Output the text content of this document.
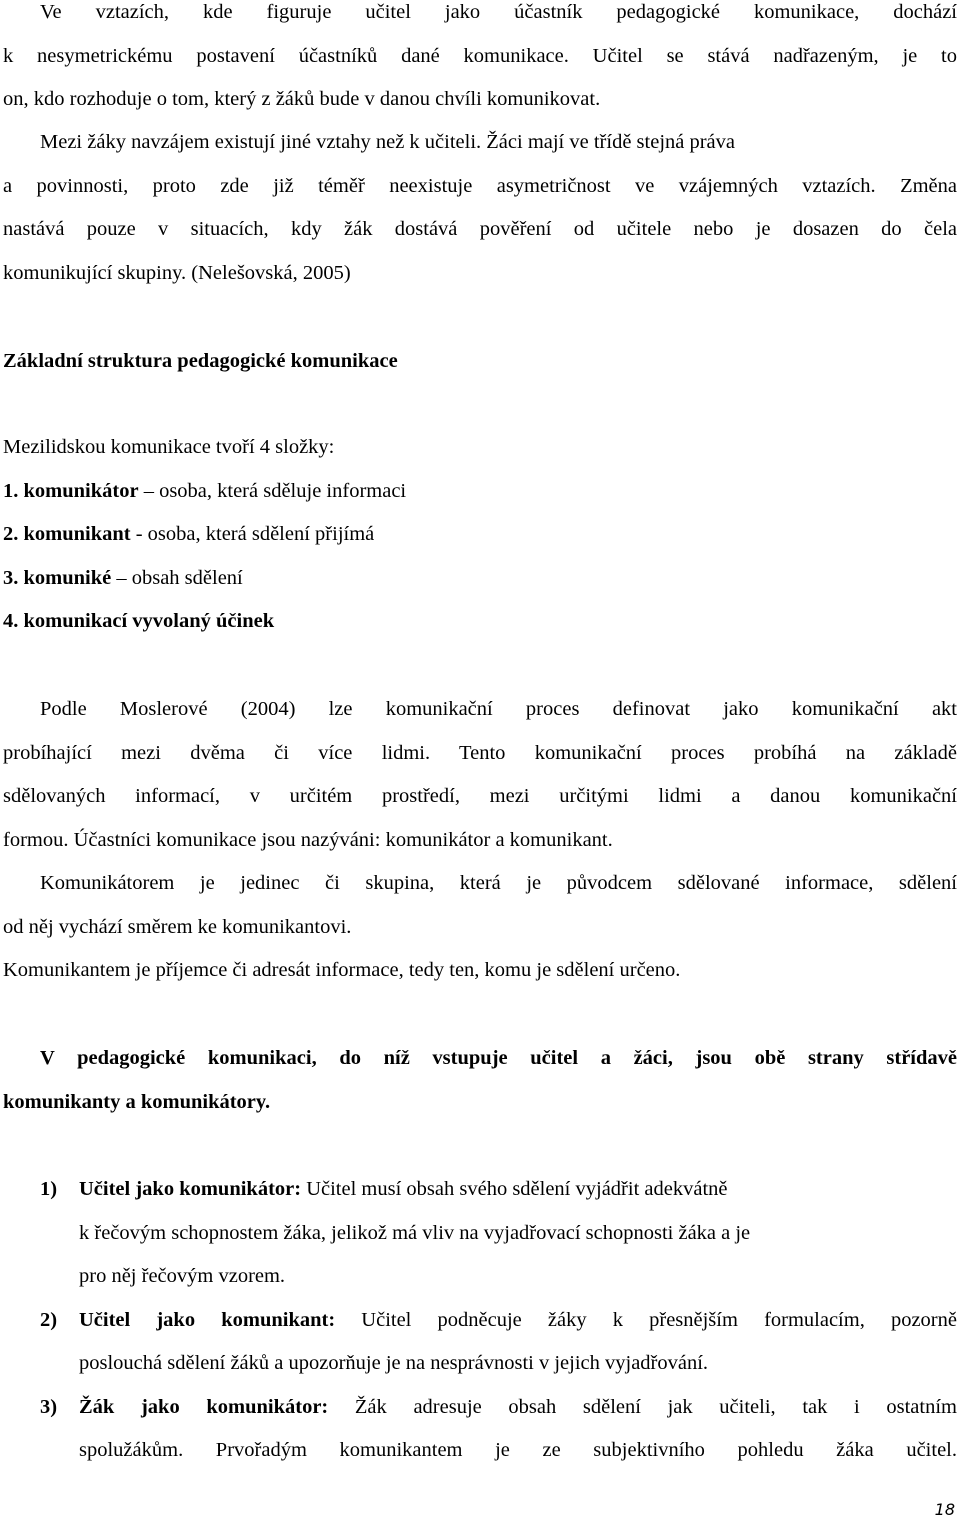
Ve vztazích, kde figuruje učitel jako účastník pedagogické komunikace, dochází
k nesymetrickému postavení účastníků dané komunikace. Učitel se stává nadřazeným, je to
on, kdo rozhoduje o tom, který z žáků bude v danou chvíli komunikovat.
Mezi žáky navzájem existují jiné vztahy než k učiteli. Žáci mají ve třídě stejná práva
a povinnosti, proto zde již téměř neexistuje asymetričnost ve vzájemných vztazích. Změna
nastává pouze v situacích, kdy žák dostává pověření od učitele nebo je dosazen do čela
komunikující skupiny. (Nelešovská, 2005)
Základní struktura pedagogické komunikace
Mezilidskou komunikace tvoří 4 složky:
1. komunikátor – osoba, která sděluje informaci
2. komunikant - osoba, která sdělení přijímá
3. komuniké – obsah sdělení
4. komunikací vyvolaný účinek
Podle Moslerové (2004) lze komunikační proces definovat jako komunikační akt
probíhající mezi dvěma či více lidmi. Tento komunikační proces probíhá na základě
sdělovaných informací, v určitém prostředí, mezi určitými lidmi a danou komunikační
formou. Účastníci komunikace jsou nazýváni: komunikátor a komunikant.
Komunikátorem je jedinec či skupina, která je původcem sdělované informace, sdělení
od něj vychází směrem ke komunikantovi.
Komunikantem je příjemce či adresát informace, tedy ten, komu je sdělení určeno.
V pedagogické komunikaci, do níž vstupuje učitel a žáci, jsou obě strany střídavě
komunikanty a komunikátory.
1) Učitel jako komunikátor: Učitel musí obsah svého sdělení vyjádřit adekvátně
k řečovým schopnostem žáka, jelikož má vliv na vyjadřovací schopnosti žáka a je
pro něj řečovým vzorem.
2) Učitel jako komunikant: Učitel podněcuje žáky k přesnějším formulacím, pozorně
poslouchá sdělení žáků a upozorňuje je na nesprávnosti v jejich vyjadřování.
3) Žák jako komunikátor: Žák adresuje obsah sdělení jak učiteli, tak i ostatním
spolužákům. Prvořadým komunikantem je ze subjektivního pohledu žáka učitel.
18
